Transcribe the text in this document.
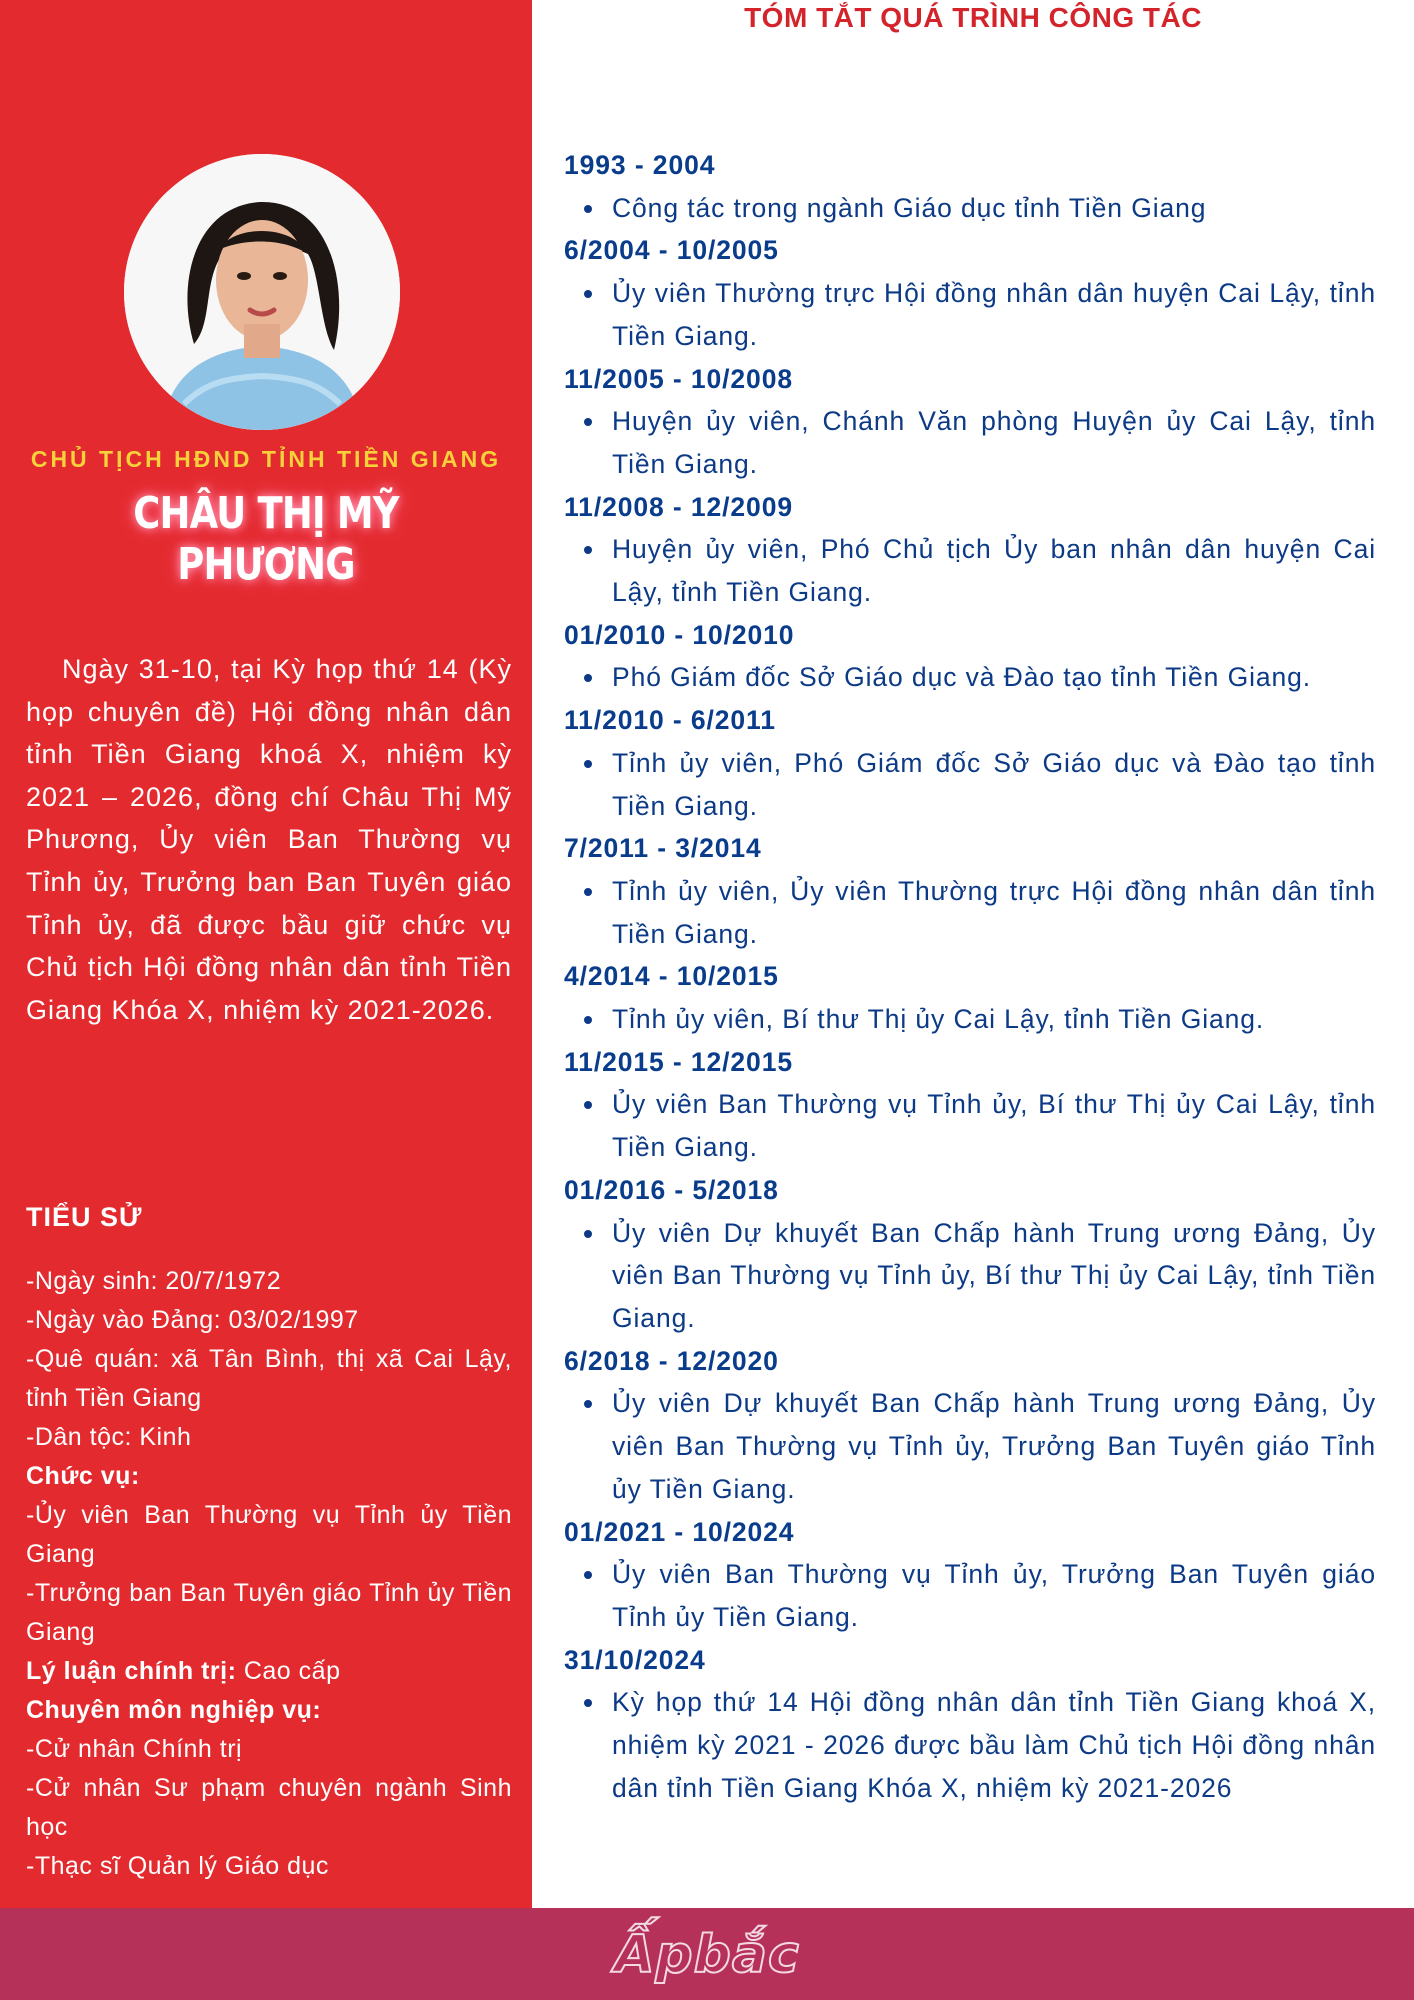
CHỦ TỊCH HĐND TỈNH TIỀN GIANG
CHÂU THỊ MỸ PHƯƠNG

Ngày 31-10, tại Kỳ họp thứ 14 (Kỳ họp chuyên đề) Hội đồng nhân dân tỉnh Tiền Giang khoá X, nhiệm kỳ 2021 – 2026, đồng chí Châu Thị Mỹ Phương, Ủy viên Ban Thường vụ Tỉnh ủy, Trưởng ban Ban Tuyên giáo Tỉnh ủy, đã được bầu giữ chức vụ Chủ tịch Hội đồng nhân dân tỉnh Tiền Giang Khóa X, nhiệm kỳ 2021-2026.

TIỂU SỬ
-Ngày sinh: 20/7/1972
-Ngày vào Đảng: 03/02/1997
-Quê quán: xã Tân Bình, thị xã Cai Lậy, tỉnh Tiền Giang
-Dân tộc: Kinh
Chức vụ:
-Ủy viên Ban Thường vụ Tỉnh ủy Tiền Giang
-Trưởng ban Ban Tuyên giáo Tỉnh ủy Tiền Giang
Lý luận chính trị: Cao cấp
Chuyên môn nghiệp vụ:
-Cử nhân Chính trị
-Cử nhân Sư phạm chuyên ngành Sinh học
-Thạc sĩ Quản lý Giáo dục
TÓM TẮT QUÁ TRÌNH CÔNG TÁC
1993 - 2004
Công tác trong ngành Giáo dục tỉnh Tiền Giang
6/2004 - 10/2005
Ủy viên Thường trực Hội đồng nhân dân huyện Cai Lậy, tỉnh Tiền Giang.
11/2005 - 10/2008
Huyện ủy viên, Chánh Văn phòng Huyện ủy Cai Lậy, tỉnh Tiền Giang.
11/2008 - 12/2009
Huyện ủy viên, Phó Chủ tịch Ủy ban nhân dân huyện Cai Lậy, tỉnh Tiền Giang.
01/2010 - 10/2010
Phó Giám đốc Sở Giáo dục và Đào tạo tỉnh Tiền Giang.
11/2010 - 6/2011
Tỉnh ủy viên, Phó Giám đốc Sở Giáo dục và Đào tạo tỉnh Tiền Giang.
7/2011 - 3/2014
Tỉnh ủy viên, Ủy viên Thường trực Hội đồng nhân dân tỉnh Tiền Giang.
4/2014 - 10/2015
Tỉnh ủy viên, Bí thư Thị ủy Cai Lậy, tỉnh Tiền Giang.
11/2015 - 12/2015
Ủy viên Ban Thường vụ Tỉnh ủy, Bí thư Thị ủy Cai Lậy, tỉnh Tiền Giang.
01/2016 - 5/2018
Ủy viên Dự khuyết Ban Chấp hành Trung ương Đảng, Ủy viên Ban Thường vụ Tỉnh ủy, Bí thư Thị ủy Cai Lậy, tỉnh Tiền Giang.
6/2018 - 12/2020
Ủy viên Dự khuyết Ban Chấp hành Trung ương Đảng, Ủy viên Ban Thường vụ Tỉnh ủy, Trưởng Ban Tuyên giáo Tỉnh ủy Tiền Giang.
01/2021 - 10/2024
Ủy viên Ban Thường vụ Tỉnh ủy, Trưởng Ban Tuyên giáo Tỉnh ủy Tiền Giang.
31/10/2024
Kỳ họp thứ 14 Hội đồng nhân dân tỉnh Tiền Giang khoá X, nhiệm kỳ 2021 - 2026 được bầu làm Chủ tịch Hội đồng nhân dân tỉnh Tiền Giang Khóa X, nhiệm kỳ 2021-2026
Ấpbắc
